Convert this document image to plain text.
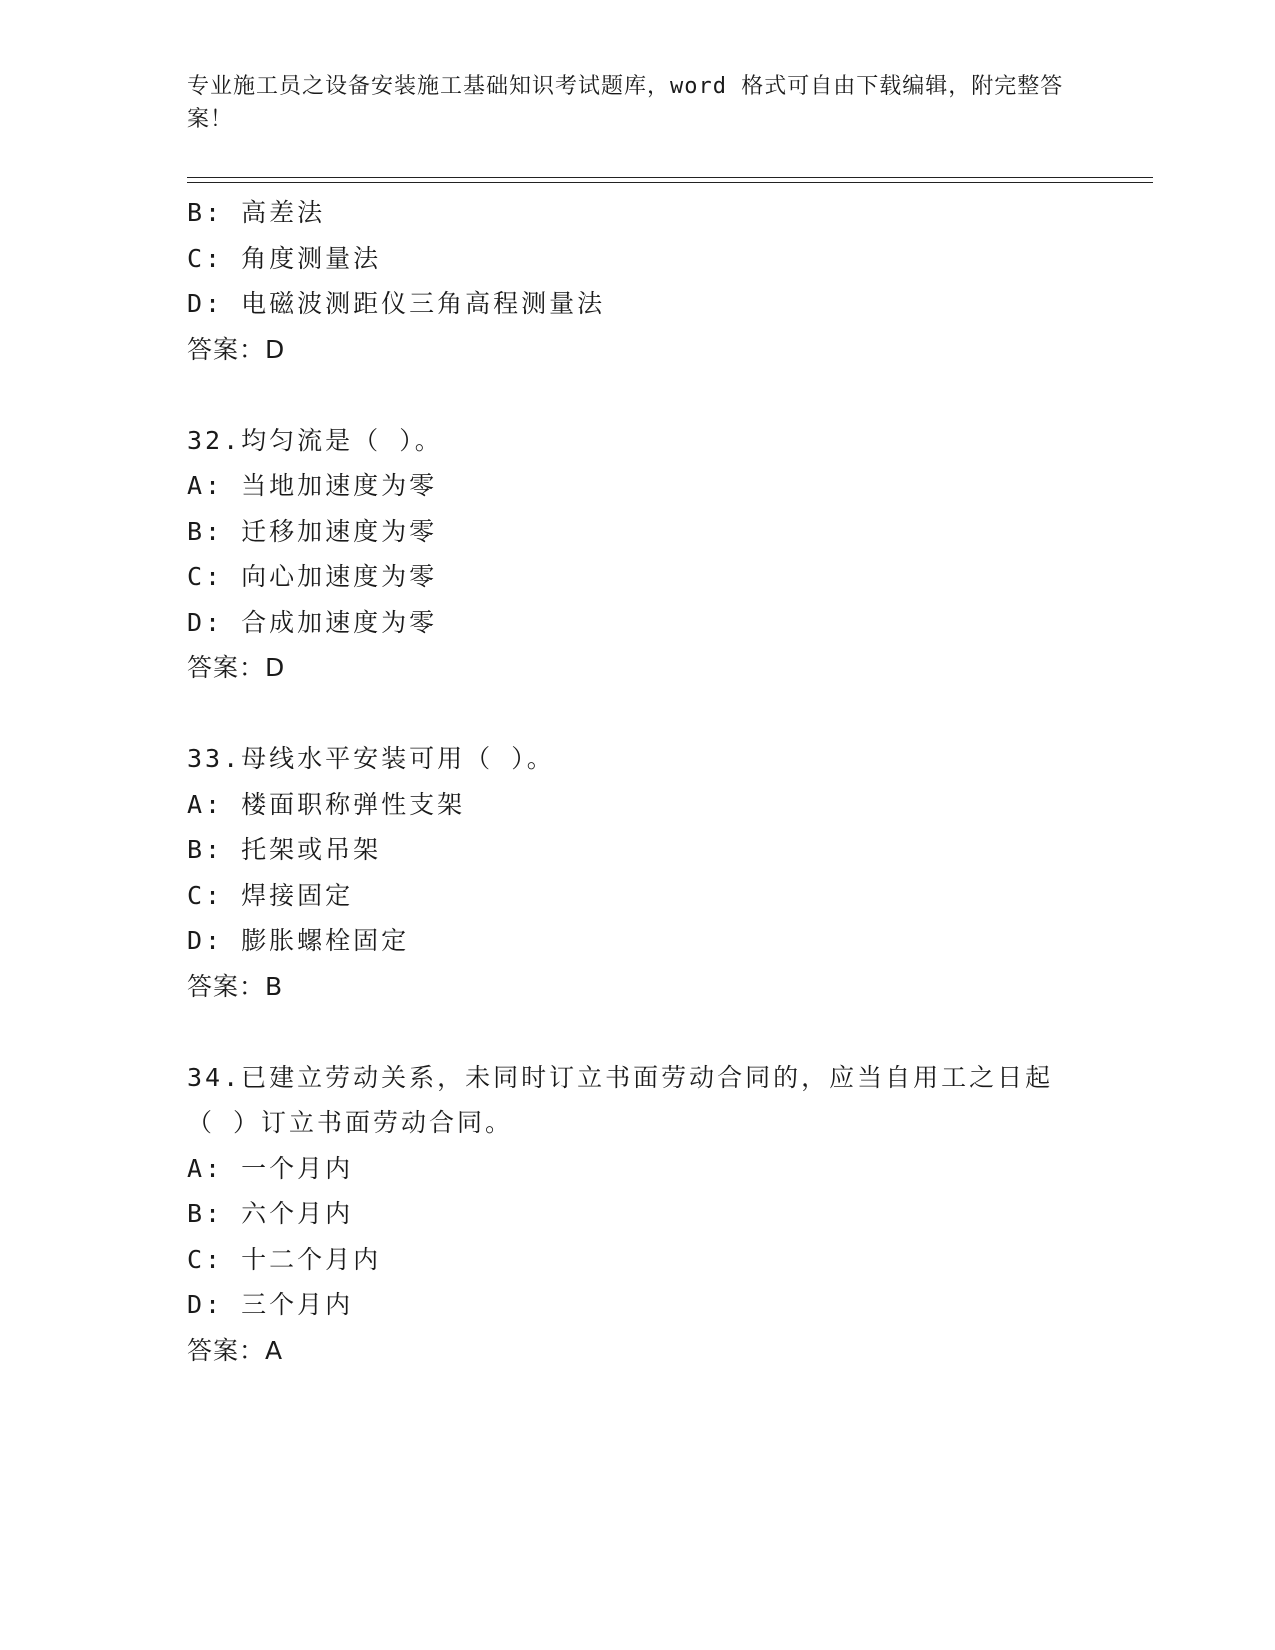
专业施工员之设备安装施工基础知识考试题库，word 格式可自由下载编辑，附完整答案！
B: 高差法
C: 角度测量法
D: 电磁波测距仪三角高程测量法
答案：D
32.均匀流是（ ）。
A: 当地加速度为零
B: 迁移加速度为零
C: 向心加速度为零
D: 合成加速度为零
答案：D
33.母线水平安装可用（ ）。
A: 楼面职称弹性支架
B: 托架或吊架
C: 焊接固定
D: 膨胀螺栓固定
答案：B
34.已建立劳动关系，未同时订立书面劳动合同的，应当自用工之日起
（ ）订立书面劳动合同。
A: 一个月内
B: 六个月内
C: 十二个月内
D: 三个月内
答案：A
